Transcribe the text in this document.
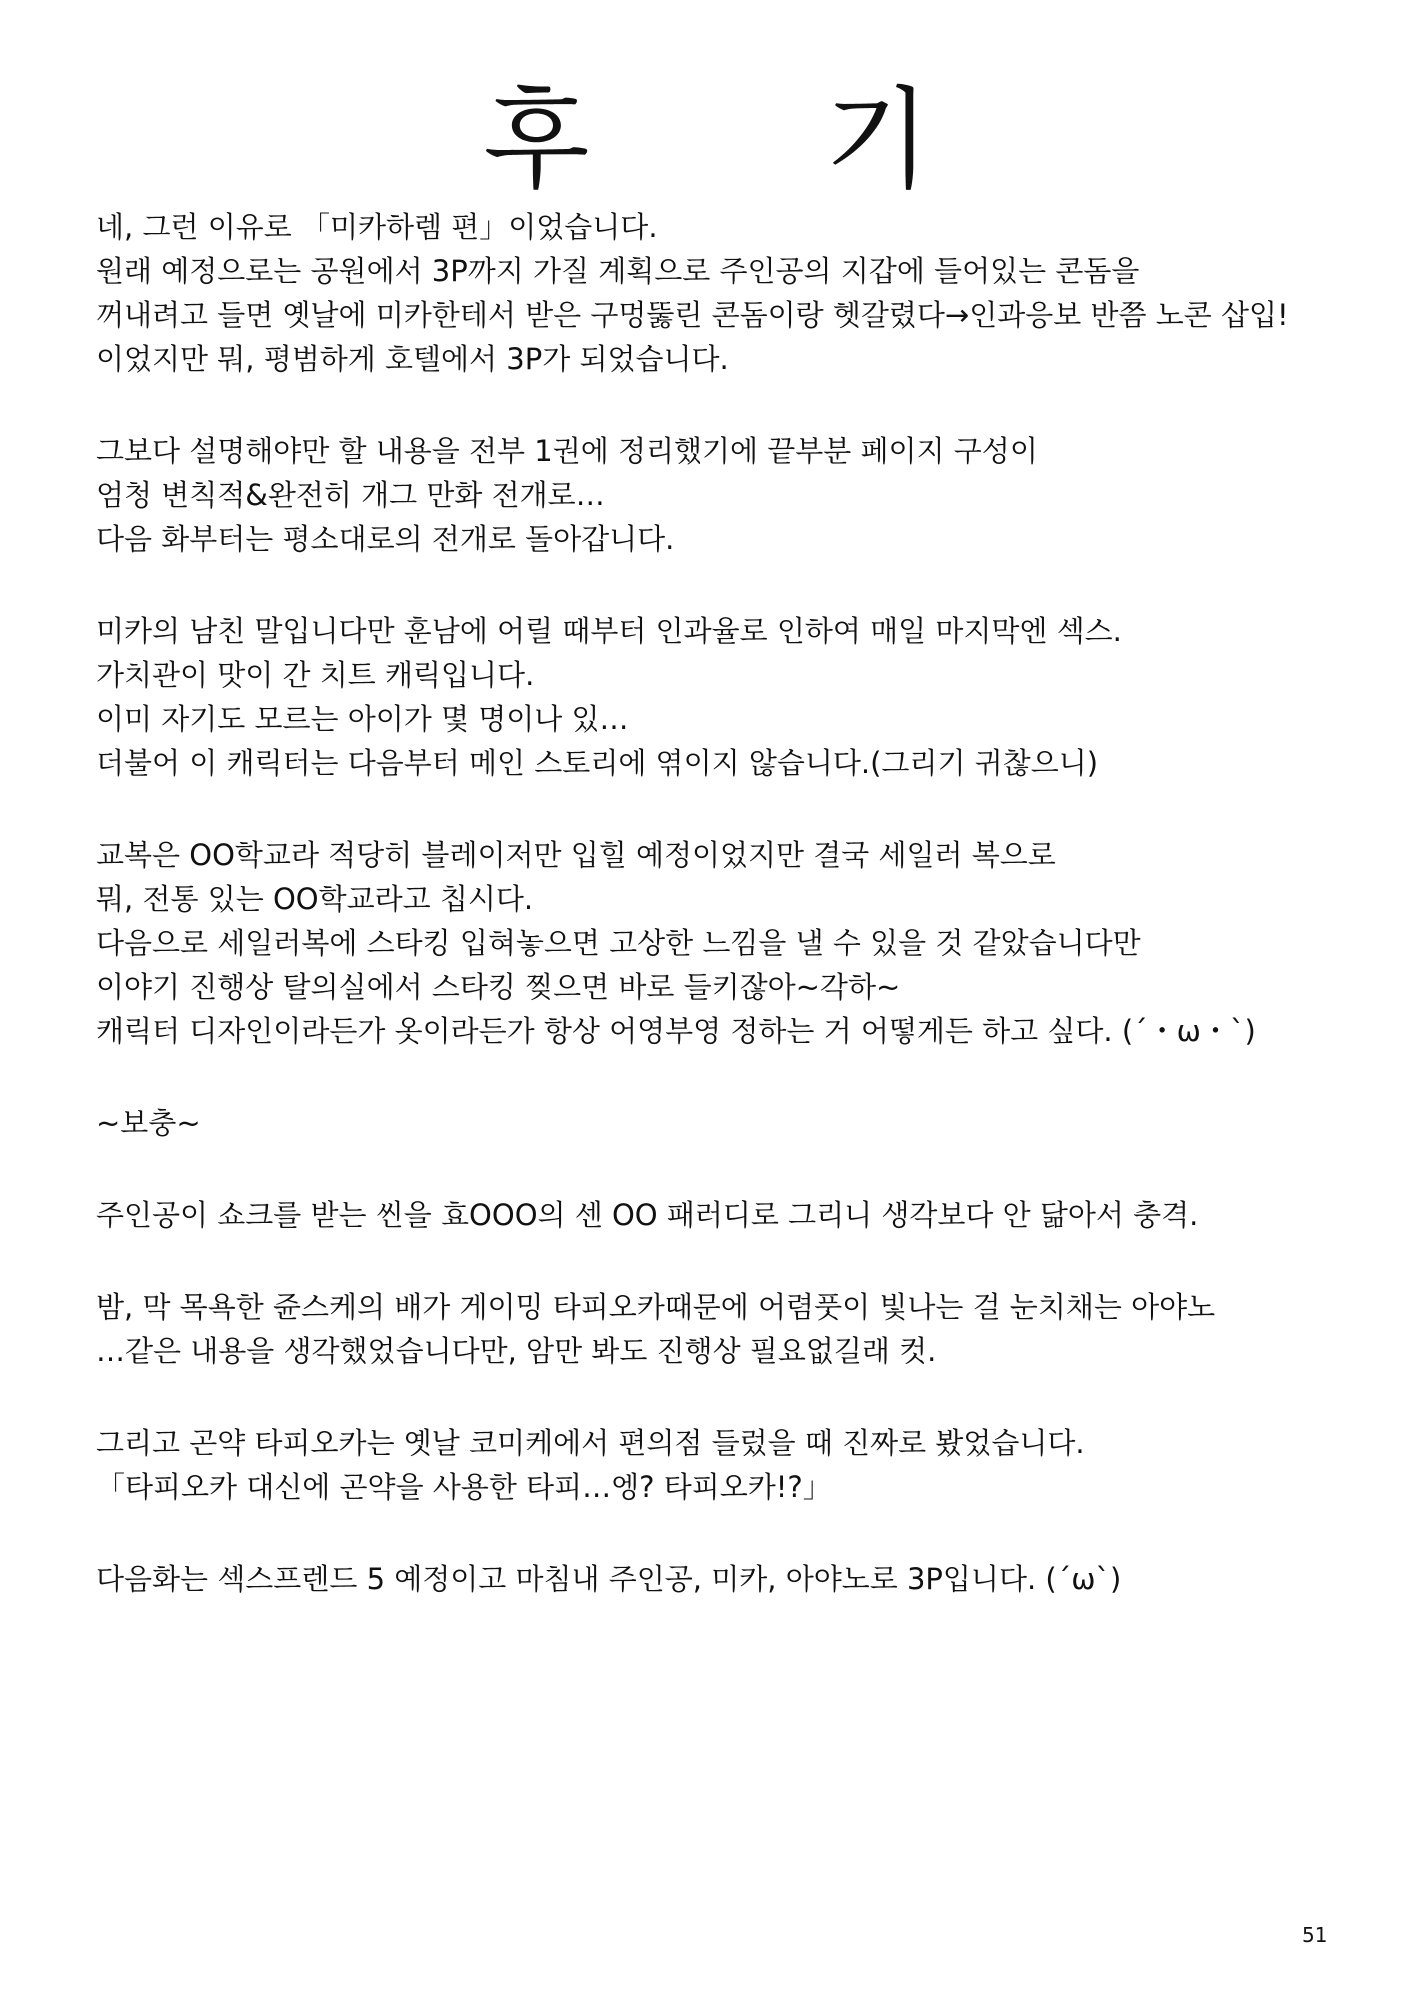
후 기
네, 그런 이유로 「미카하렘 편」이었습니다.
원래 예정으로는 공원에서 3P까지 가질 계획으로 주인공의 지갑에 들어있는 콘돔을
꺼내려고 들면 옛날에 미카한테서 받은 구멍뚫린 콘돔이랑 헷갈렸다→인과응보 반쯤 노콘 삽입!
이었지만 뭐, 평범하게 호텔에서 3P가 되었습니다.
그보다 설명해야만 할 내용을 전부 1권에 정리했기에 끝부분 페이지 구성이
엄청 변칙적&완전히 개그 만화 전개로…
다음 화부터는 평소대로의 전개로 돌아갑니다.
미카의 남친 말입니다만 훈남에 어릴 때부터 인과율로 인하여 매일 마지막엔 섹스.
가치관이 맛이 간 치트 캐릭입니다.
이미 자기도 모르는 아이가 몇 명이나 있…
더불어 이 캐릭터는 다음부터 메인 스토리에 엮이지 않습니다.(그리기 귀찮으니)
교복은 OO학교라 적당히 블레이저만 입힐 예정이었지만 결국 세일러 복으로
뭐, 전통 있는 OO학교라고 칩시다.
다음으로 세일러복에 스타킹 입혀놓으면 고상한 느낌을 낼 수 있을 것 같았습니다만
이야기 진행상 탈의실에서 스타킹 찢으면 바로 들키잖아~각하~
캐릭터 디자인이라든가 옷이라든가 항상 어영부영 정하는 거 어떻게든 하고 싶다. (´・ω・`)
~보충~
주인공이 쇼크를 받는 씬을 효OOO의 센 OO 패러디로 그리니 생각보다 안 닮아서 충격.
밤, 막 목욕한 쥰스케의 배가 게이밍 타피오카때문에 어렴풋이 빛나는 걸 눈치채는 아야노
…같은 내용을 생각했었습니다만, 암만 봐도 진행상 필요없길래 컷.
그리고 곤약 타피오카는 옛날 코미케에서 편의점 들렀을 때 진짜로 봤었습니다.
「타피오카 대신에 곤약을 사용한 타피…엥? 타피오카!?」
다음화는 섹스프렌드 5 예정이고 마침내 주인공, 미카, 아야노로 3P입니다. (´ω`)
51
